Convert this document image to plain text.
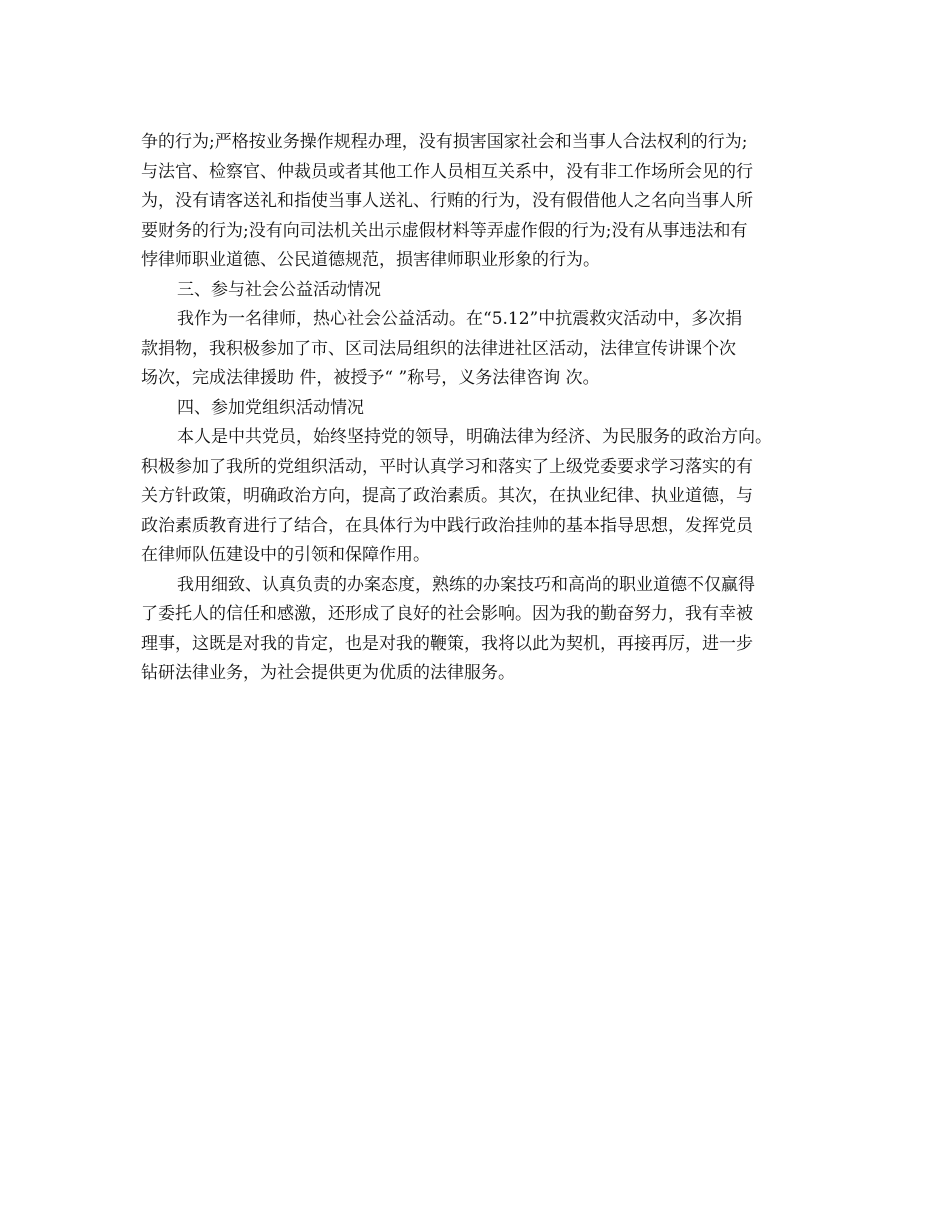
争的行为;严格按业务操作规程办理，没有损害国家社会和当事人合法权利的行为;
与法官、检察官、仲裁员或者其他工作人员相互关系中，没有非工作场所会见的行
为，没有请客送礼和指使当事人送礼、行贿的行为，没有假借他人之名向当事人所
要财务的行为;没有向司法机关出示虚假材料等弄虚作假的行为;没有从事违法和有
悖律师职业道德、公民道德规范，损害律师职业形象的行为。
三、参与社会公益活动情况
我作为一名律师，热心社会公益活动。在“5.12”中抗震救灾活动中，多次捐
款捐物，我积极参加了市、区司法局组织的法律进社区活动，法律宣传讲课个次
场次，完成法律援助 件，被授予“ ”称号，义务法律咨询 次。
四、参加党组织活动情况
本人是中共党员，始终坚持党的领导，明确法律为经济、为民服务的政治方向。
积极参加了我所的党组织活动，平时认真学习和落实了上级党委要求学习落实的有
关方针政策，明确政治方向，提高了政治素质。其次，在执业纪律、执业道德，与
政治素质教育进行了结合，在具体行为中践行政治挂帅的基本指导思想，发挥党员
在律师队伍建设中的引领和保障作用。
我用细致、认真负责的办案态度，熟练的办案技巧和高尚的职业道德不仅赢得
了委托人的信任和感激，还形成了良好的社会影响。因为我的勤奋努力，我有幸被
理事，这既是对我的肯定，也是对我的鞭策，我将以此为契机，再接再厉，进一步
钻研法律业务，为社会提供更为优质的法律服务。
